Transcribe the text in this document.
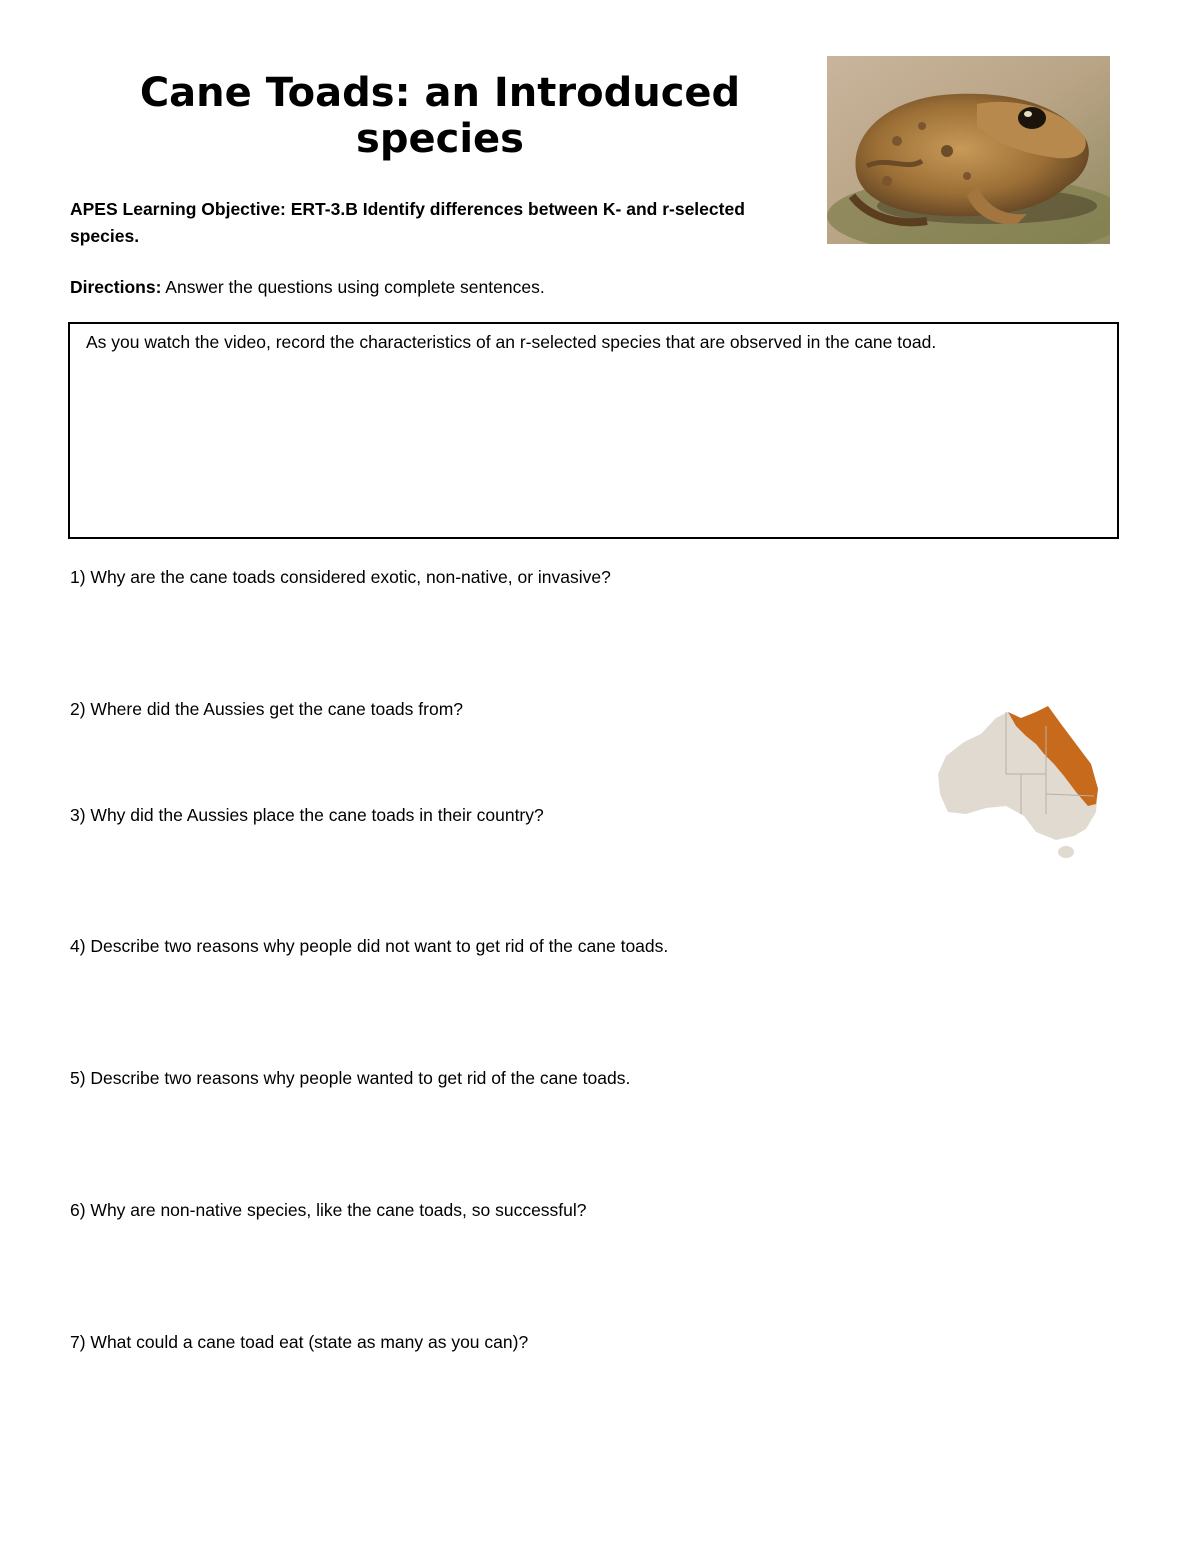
Cane Toads: an Introduced species

APES Learning Objective: ERT-3.B Identify differences between K- and r-selected species.

Directions: Answer the questions using complete sentences.

As you watch the video, record the characteristics of an r-selected species that are observed in the cane toad.

1) Why are the cane toads considered exotic, non-native, or invasive?

2) Where did the Aussies get the cane toads from?

3) Why did the Aussies place the cane toads in their country?

4) Describe two reasons why people did not want to get rid of the cane toads.

5) Describe two reasons why people wanted to get rid of the cane toads.

6) Why are non-native species, like the cane toads, so successful?

7) What could a cane toad eat (state as many as you can)?
